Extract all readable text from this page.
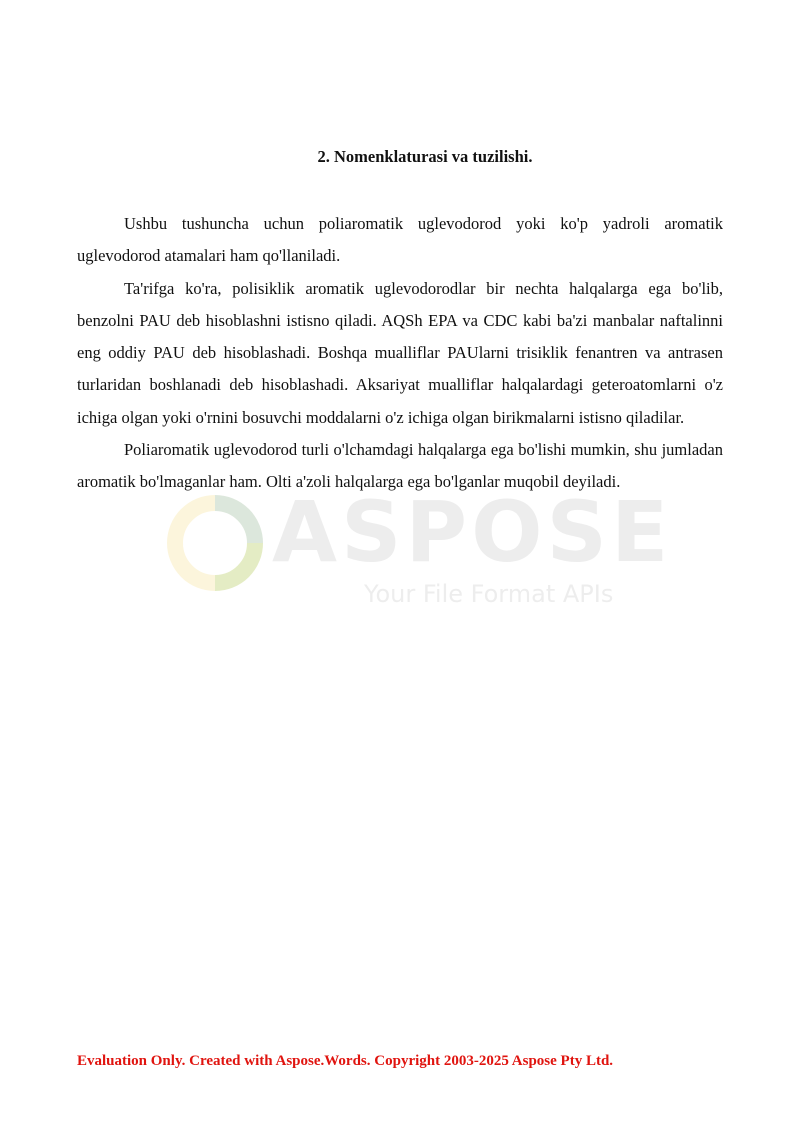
ASPOSE
Your File Format APIs
2. Nomenklaturasi va tuzilishi.

Ushbu tushuncha uchun poliaromatik uglevodorod yoki ko'p yadroli aromatik uglevodorod atamalari ham qo'llaniladi.

Ta'rifga ko'ra, polisiklik aromatik uglevodorodlar bir nechta halqalarga ega bo'lib, benzolni PAU deb hisoblashni istisno qiladi. AQSh EPA va CDC kabi ba'zi manbalar naftalinni eng oddiy PAU deb hisoblashadi. Boshqa mualliflar PAUlarni trisiklik fenantren va antrasen turlaridan boshlanadi deb hisoblashadi. Aksariyat mualliflar halqalardagi geteroatomlarni o'z ichiga olgan yoki o'rnini bosuvchi moddalarni o'z ichiga olgan birikmalarni istisno qiladilar.

Poliaromatik uglevodorod turli o'lchamdagi halqalarga ega bo'lishi mumkin, shu jumladan aromatik bo'lmaganlar ham. Olti a'zoli halqalarga ega bo'lganlar muqobil deyiladi.

Evaluation Only. Created with Aspose.Words. Copyright 2003-2025 Aspose Pty Ltd.
